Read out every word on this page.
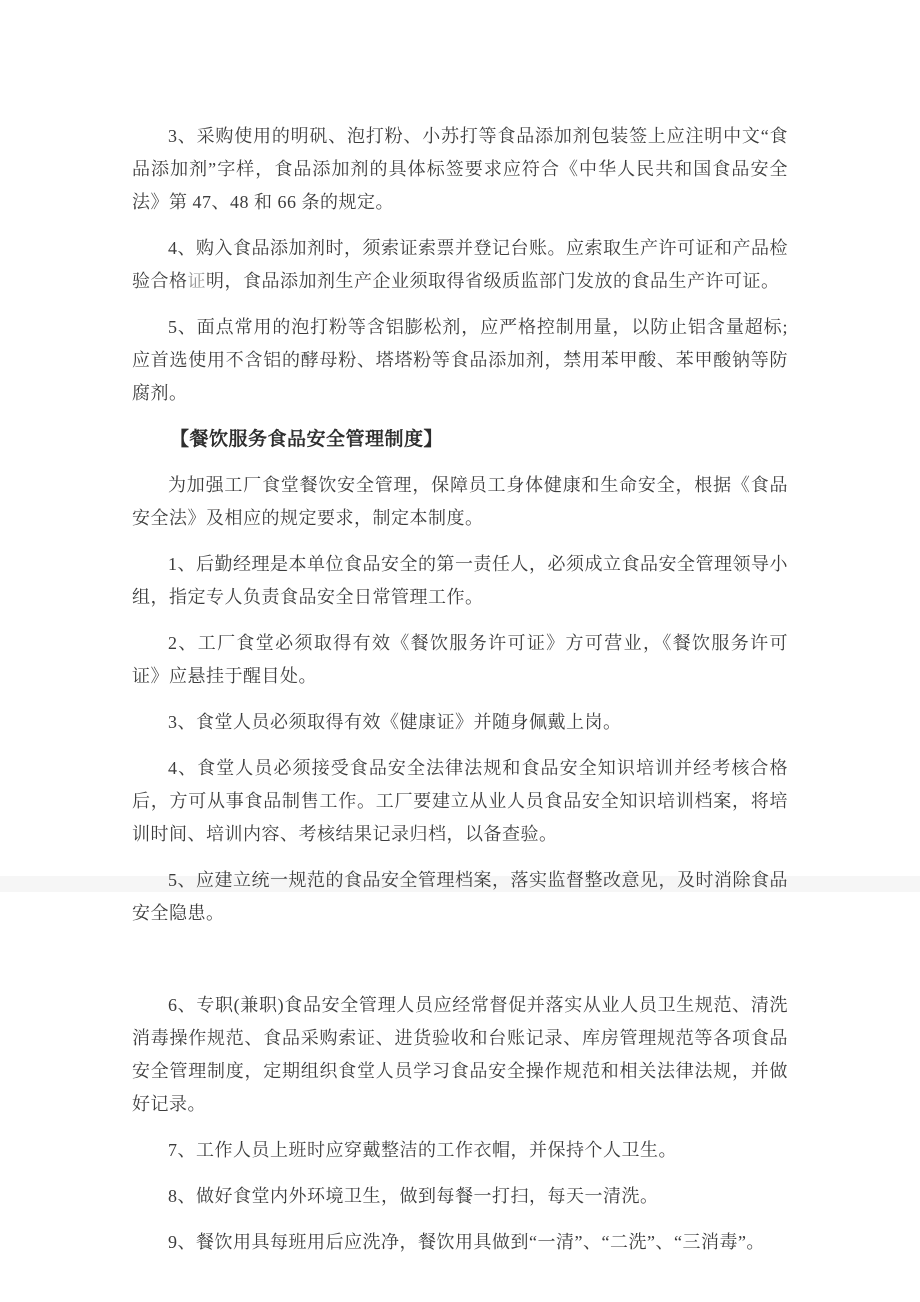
3、采购使用的明矾、泡打粉、小苏打等食品添加剂包装签上应注明中文“食品添加剂”字样，食品添加剂的具体标签要求应符合《中华人民共和国食品安全法》第 47、48 和 66 条的规定。
4、购入食品添加剂时，须索证索票并登记台账。应索取生产许可证和产品检验合格证明，食品添加剂生产企业须取得省级质监部门发放的食品生产许可证。
5、面点常用的泡打粉等含铝膨松剂，应严格控制用量，以防止铝含量超标;应首选使用不含铝的酵母粉、塔塔粉等食品添加剂，禁用苯甲酸、苯甲酸钠等防腐剂。
【餐饮服务食品安全管理制度】
为加强工厂食堂餐饮安全管理，保障员工身体健康和生命安全，根据《食品安全法》及相应的规定要求，制定本制度。
1、后勤经理是本单位食品安全的第一责任人，必须成立食品安全管理领导小组，指定专人负责食品安全日常管理工作。
2、工厂食堂必须取得有效《餐饮服务许可证》方可营业，《餐饮服务许可证》应悬挂于醒目处。
3、食堂人员必须取得有效《健康证》并随身佩戴上岗。
4、食堂人员必须接受食品安全法律法规和食品安全知识培训并经考核合格后，方可从事食品制售工作。工厂要建立从业人员食品安全知识培训档案，将培训时间、培训内容、考核结果记录归档，以备查验。
5、应建立统一规范的食品安全管理档案，落实监督整改意见，及时消除食品安全隐患。
6、专职(兼职)食品安全管理人员应经常督促并落实从业人员卫生规范、清洗消毒操作规范、食品采购索证、进货验收和台账记录、库房管理规范等各项食品安全管理制度，定期组织食堂人员学习食品安全操作规范和相关法律法规，并做好记录。
7、工作人员上班时应穿戴整洁的工作衣帽，并保持个人卫生。
8、做好食堂内外环境卫生，做到每餐一打扫，每天一清洗。
9、餐饮用具每班用后应洗净，餐饮用具做到“一清”、“二洗”、“三消毒”。
